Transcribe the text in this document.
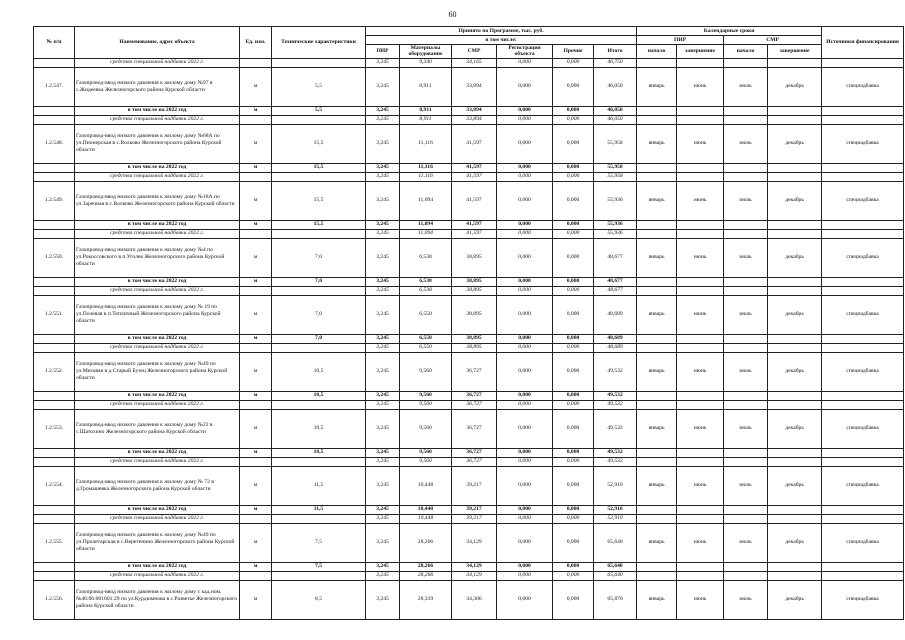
60
№ п/п	Наименование, адрес объекта	Ед. изм.	Технические характеристики	Принято по Программе, тыс. руб.						Календарные сроки				Источники финансирования
				в том числе:						ПИР		СМР		
				ПИР	Материалы оборудование	СМР	Регистрация объекта	Прочие	Итого	начало	завершение	начало	завершение	
	средства специальной надбавки 2022 г.			3,245	9,340	34,165	0,000	0,000	46,750					
1.2.547.	Газопровод-ввод низкого давления к жилому дому №97 в с.Жидеевка Железногорского района Курской области	м	5,5	3,245	8,911	33,894	0,000	0,000	46,050	январь	июнь	июль	декабрь	спецнадбавка
	в том числе на 2022 год	м	5,5	3,245	8,911	33,894	0,000	0,000	46,050					
	средства специальной надбавки 2022 г.			3,245	8,911	33,894	0,000	0,000	46,050					
1.2.548.	Газопровод-ввод низкого давления к жилому дому №68А по ул.Пионерская в с.Волково Железногорского района Курской области	м	15,5	3,245	11,116	41,597	0,000	0,000	55,958	январь	июнь	июль	декабрь	спецнадбавка
	в том числе на 2022 год	м	15,5	3,245	11,116	41,597	0,000	0,000	55,958					
	средства специальной надбавки 2022 г.			3,245	11,116	41,597	0,000	0,000	55,958					
1.2.549.	Газопровод-ввод низкого давления к жилому дому №18А по ул.Заречная в с.Волково Железногорского района Курской области	м	15,5	3,245	11,094	41,597	0,000	0,000	55,936	январь	июнь	июль	декабрь	спецнадбавка
	в том числе на 2022 год	м	15,5	3,245	11,094	41,597	0,000	0,000	55,936					
	средства специальной надбавки 2022 г.			3,245	11,094	41,597	0,000	0,000	55,936					
1.2.550.	Газопровод-ввод низкого давления к жилому дому №4 по ул.Рокоссовского в п.Уголек Железногорского района Курской области	м	7,0	3,245	6,538	38,895	0,000	0,000	48,677	январь	июнь	июль	декабрь	спецнадбавка
	в том числе на 2022 год	м	7,0	3,245	6,538	38,895	0,000	0,000	48,677					
	средства специальной надбавки 2022 г.			3,245	6,538	38,895	0,000	0,000	48,677					
1.2.551.	Газопровод-ввод низкого давления к жилому дому № 19 по ул.Полевая в п.Тепличный Железногорского района Курской области	м	7,0	3,245	6,550	38,895	0,000	0,000	48,689	январь	июнь	июль	декабрь	спецнадбавка
	в том числе на 2022 год	м	7,0	3,245	6,550	38,895	0,000	0,000	48,689					
	средства специальной надбавки 2022 г.			3,245	6,550	38,895	0,000	0,000	48,689					
1.2.552.	Газопровод-ввод низкого давления к жилому дому №49 по ул.Меховая в д.Старый Бузец Железногорского района Курской области	м	10,5	3,245	9,560	36,727	0,000	0,000	49,532	январь	июнь	июль	декабрь	спецнадбавка
	в том числе на 2022 год	м	10,5	3,245	9,560	36,727	0,000	0,000	49,532					
	средства специальной надбавки 2022 г.			3,245	9,560	36,727	0,000	0,000	49,532					
1.2.553.	Газопровод-ввод низкого давления к жилому дому №22 в с.Шатохино Железногорского района Курской области	м	10,5	3,245	9,560	36,727	0,000	0,000	49,532	январь	июнь	июль	декабрь	спецнадбавка
	в том числе на 2022 год	м	10,5	3,245	9,560	36,727	0,000	0,000	49,532					
	средства специальной надбавки 2022 г.			3,245	9,560	36,727	0,000	0,000	49,532					
1.2.554.	Газопровод-ввод низкого давления к жилому дому № 72 в д.Громашевка Железногорского района Курской области	м	11,5	3,245	10,448	39,217	0,000	0,000	52,910	январь	июнь	июль	декабрь	спецнадбавка
	в том числе на 2022 год	м	11,5	3,245	10,448	39,217	0,000	0,000	52,910					
	средства специальной надбавки 2022 г.			3,245	10,448	39,217	0,000	0,000	52,910					
1.2.555.	Газопровод-ввод низкого давления к жилому дому №49 по ул.Пролетарская в с.Веретенино Железногорского района Курской области	м	7,5	3,245	28,266	34,129	0,000	0,000	65,640	январь	июнь	июль	декабрь	спецнадбавка
	в том числе на 2022 год	м	7,5	3,245	28,266	34,129	0,000	0,000	65,640					
	средства специальной надбавки 2022 г.			3,245	28,266	34,129	0,000	0,000	65,640					
1.2.556.	Газопровод-ввод низкого давления к жилому дому с кад.ном. №46:06:081601:29 по ул.Курдюмнова в с.Разветье Железногорского района Курской области	м	8,5	3,245	28,319	34,306	0,000	0,000	65,870	январь	июнь	июль	декабрь	спецнадбавка
